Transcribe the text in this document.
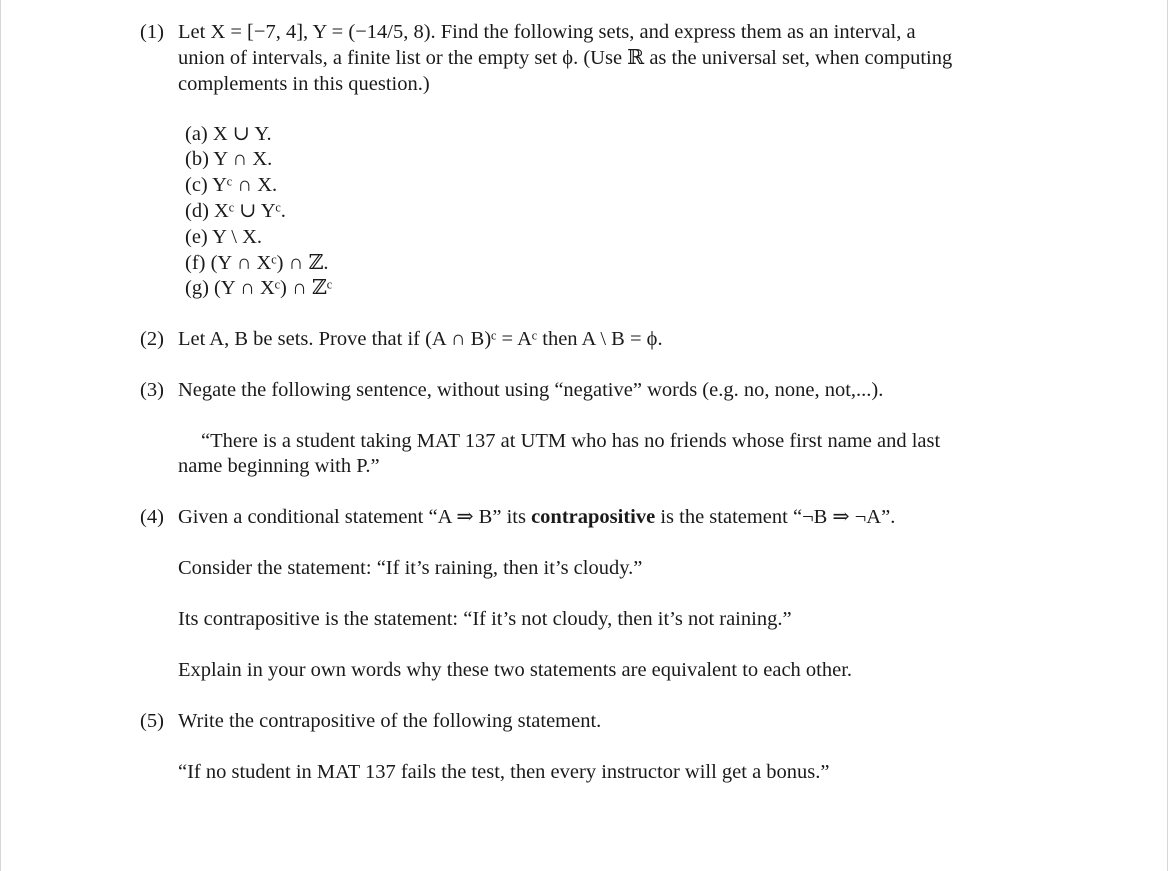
(1) Let X = [−7, 4], Y = (−14/5, 8). Find the following sets, and express them as an interval, a
union of intervals, a finite list or the empty set ϕ. (Use ℝ as the universal set, when computing
complements in this question.)
(a) X ∪ Y.
(b) Y ∩ X.
(c) Yᶜ ∩ X.
(d) Xᶜ ∪ Yᶜ.
(e) Y \ X.
(f) (Y ∩ Xᶜ) ∩ ℤ.
(g) (Y ∩ Xᶜ) ∩ ℤᶜ
(2) Let A, B be sets. Prove that if (A ∩ B)ᶜ = Aᶜ then A \ B = ϕ.
(3) Negate the following sentence, without using “negative” words (e.g. no, none, not,...).
“There is a student taking MAT 137 at UTM who has no friends whose first name and last
name beginning with P.”
(4) Given a conditional statement “A ⇒ B” its contrapositive is the statement “¬B ⇒ ¬A”.
Consider the statement: “If it’s raining, then it’s cloudy.”
Its contrapositive is the statement: “If it’s not cloudy, then it’s not raining.”
Explain in your own words why these two statements are equivalent to each other.
(5) Write the contrapositive of the following statement.
“If no student in MAT 137 fails the test, then every instructor will get a bonus.”
